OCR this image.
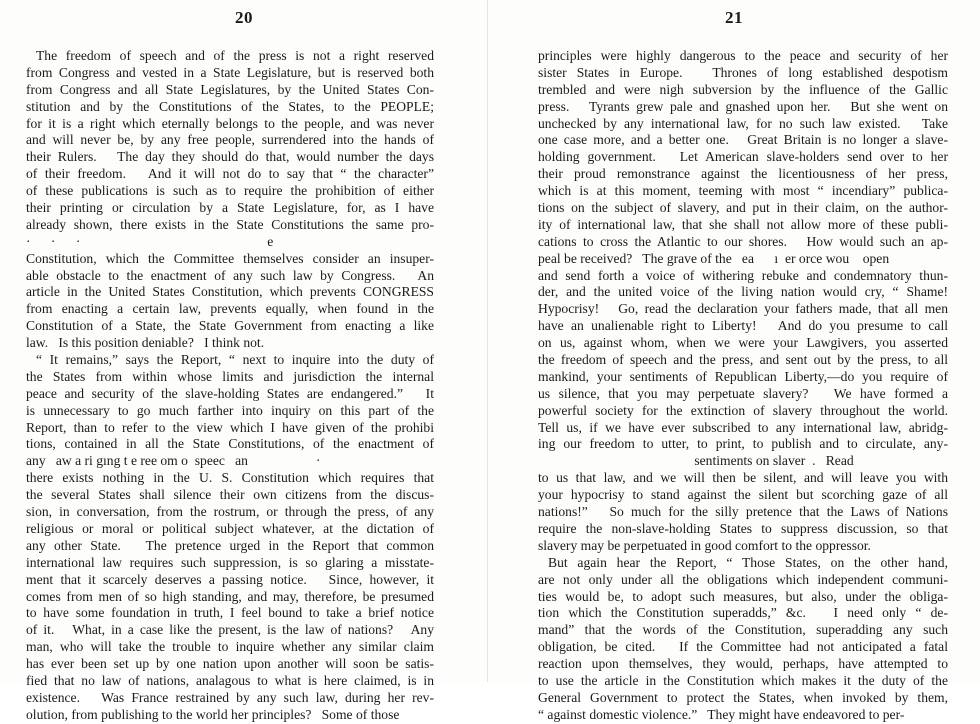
20
The freedom of speech and of the press is not a right reserved
from Congress and vested in a State Legislature, but is reserved both
from Congress and all State Legislatures, by the United States Con-
stitution and by the Constitutions of the States, to the PEOPLE;
for it is a right which eternally belongs to the people, and was never
and will never be, by any free people, surrendered into the hands of
their Rulers.   The day they should do that, would number the days
of their freedom.   And it will not do to say that “ the character”
of these publications is such as to require the prohibition of either
their printing or circulation by a State Legislature, for, as I have
already shown, there exists in the State Constitutions the same pro-
·      ·      ·                                                       e
Constitution, which the Committee themselves consider an insuper-
able obstacle to the enactment of any such law by Congress.   An
article in the United States Constitution, which prevents CONGRESS
from enacting a certain law, prevents equally, when found in the
Constitution of a State, the State Government from enacting a like
law.   Is this position deniable?   I think not.
“ It remains,” says the Report, “ next to inquire into the duty of
the States from within whose limits and jurisdiction the internal
peace and security of the slave-holding States are endangered.”   It
is unnecessary to go much farther into inquiry on this part of the
Report, than to refer to the view which I have given of the prohibi
tions, contained in all the State Constitutions, of the enactment of
any   aw a ri gıng t e ree om o  speec   an                    ·
there exists nothing in the U. S. Constitution which requires that
the several States shall silence their own citizens from the discus-
sion, in conversation, from the rostrum, or through the press, of any
religious or moral or political subject whatever, at the dictation of
any other State.   The pretence urged in the Report that common
international law requires such suppression, is so glaring a misstate-
ment that it scarcely deserves a passing notice.   Since, however, it
comes from men of so high standing, and may, therefore, be presumed
to have some foundation in truth, I feel bound to take a brief notice
of it.   What, in a case like the present, is the law of nations?   Any
man, who will take the trouble to inquire whether any similar claim
has ever been set up by one nation upon another will soon be satis-
fied that no law of nations, analagous to what is here claimed, is in
existence.   Was France restrained by any such law, during her rev-
olution, from publishing to the world her principles?   Some of those
21
principles were highly dangerous to the peace and security of her
sister States in Europe.   Thrones of long established despotism
trembled and were nigh subversion by the influence of the Gallic
press.   Tyrants grew pale and gnashed upon her.   But she went on
unchecked by any international law, for no such law existed.   Take
one case more, and a better one.   Great Britain is no longer a slave-
holding government.   Let American slave-holders send over to her
their proud remonstrance against the licentiousness of her press,
which is at this moment, teeming with most “ incendiary” publica-
tions on the subject of slavery, and put in their claim, on the author-
ity of international law, that she shall not allow more of these publi-
cations to cross the Atlantic to our shores.   How would such an ap-
peal be received?   The grave of the   ea      ı  er orce wou    open
and send forth a voice of withering rebuke and condemnatory thun-
der, and the united voice of the living nation would cry, “ Shame!
Hypocrisy!   Go, read the declaration your fathers made, that all men
have an unalienable right to Liberty!   And do you presume to call
on us, against whom, when we were your Lawgivers, you asserted
the freedom of speech and the press, and sent out by the press, to all
mankind, your sentiments of Republican Liberty,—do you require of
us silence, that you may perpetuate slavery?   We have formed a
powerful society for the extinction of slavery throughout the world.
Tell us, if we have ever subscribed to any international law, abridg-
ing our freedom to utter, to print, to publish and to circulate, any-
sentiments on slaver  .   Read
to us that law, and we will then be silent, and will leave you with
your hypocrisy to stand against the silent but scorching gaze of all
nations!”   So much for the silly pretence that the Laws of Nations
require the non-slave-holding States to suppress discussion, so that
slavery may be perpetuated in good comfort to the oppressor.
But again hear the Report, “ Those States, on the other hand,
are not only under all the obligations which independent communi-
ties would be, to adopt such measures, but also, under the obliga-
tion which the Constitution superadds,” &c.   I need only “ de-
mand” that the words of the Constitution, superadding any such
obligation, be cited.   If the Committee had not anticipated a fatal
reaction upon themselves, they would, perhaps, have attempted to
to use the article in the Constitution which makes it the duty of the
General Government to protect the States, when invoked by them,
“ against domestic violence.”   They might have endeavored to per-
